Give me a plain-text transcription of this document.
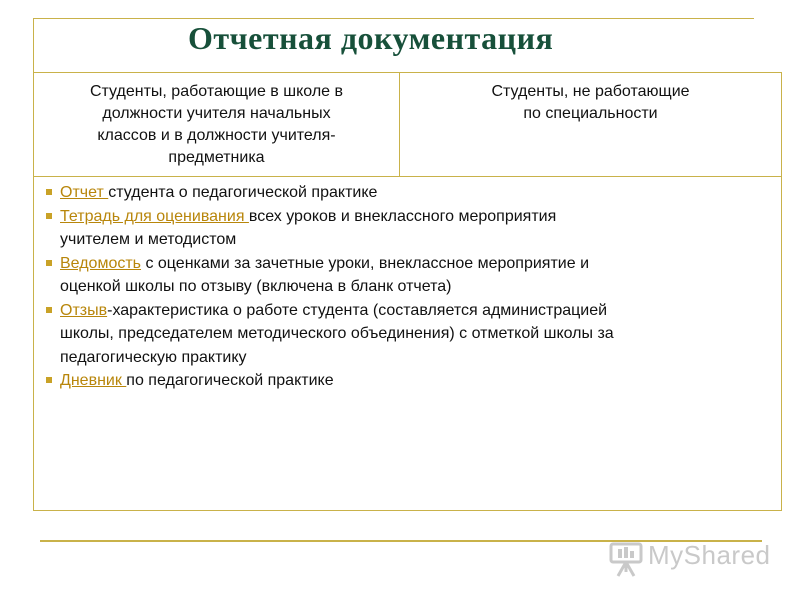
Отчетная документация
Студенты, работающие в школе в
должности учителя начальных
классов и в должности учителя-
предметника
Студенты, не работающие
по специальности
Отчет студента о педагогической практике
Тетрадь для оценивания всех уроков и внеклассного мероприятия
учителем и методистом
Ведомость с оценками за зачетные уроки, внеклассное мероприятие и
оценкой школы по отзыву (включена в бланк отчета)
Отзыв-характеристика о работе студента (составляется администрацией
школы, председателем методического объединения) с отметкой школы за
педагогическую практику
Дневник по педагогической практике
MyShared
